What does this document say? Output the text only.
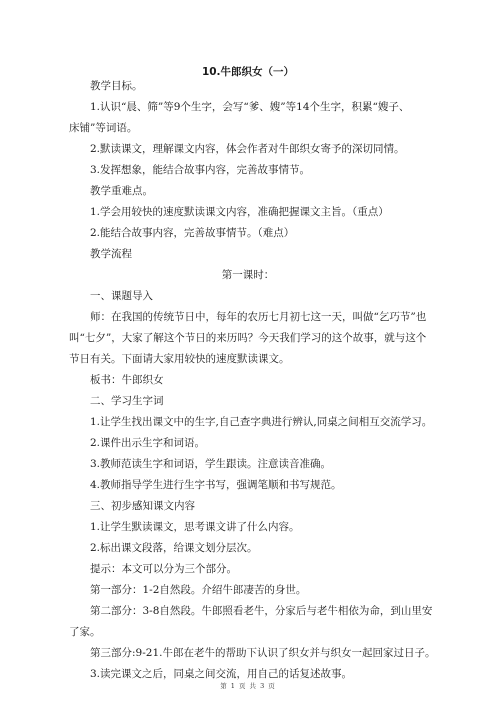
10.牛郎织女（一）
教学目标。
1.认识“晨、筛”等9个生字，会写“爹、嫂”等14个生字，积累“嫂子、
床铺”等词语。
2.默读课文，理解课文内容，体会作者对牛郎织女寄予的深切同情。
3.发挥想象，能结合故事内容，完善故事情节。
教学重难点。
1.学会用较快的速度默读课文内容，准确把握课文主旨。（重点）
2.能结合故事内容，完善故事情节。（难点）
教学流程
第一课时：
一、课题导入
师：在我国的传统节日中，每年的农历七月初七这一天，叫做“乞巧节”也
叫“七夕”，大家了解这个节日的来历吗？今天我们学习的这个故事，就与这个
节日有关。下面请大家用较快的速度默读课文。
板书：牛郎织女
二、学习生字词
1.让学生找出课文中的生字,自己查字典进行辨认,同桌之间相互交流学习。
2.课件出示生字和词语。
3.教师范读生字和词语，学生跟读。注意读音准确。
4.教师指导学生进行生字书写，强调笔顺和书写规范。
三、初步感知课文内容
1.让学生默读课文，思考课文讲了什么内容。
2.标出课文段落，给课文划分层次。
提示：本文可以分为三个部分。
第一部分：1-2自然段。介绍牛郎凄苦的身世。
第二部分：3-8自然段。牛郎照看老牛，分家后与老牛相依为命，到山里安
了家。
第三部分:9-21.牛郎在老牛的帮助下认识了织女并与织女一起回家过日子。
3.读完课文之后，同桌之间交流，用自己的话复述故事。
第 1 页 共 3 页
